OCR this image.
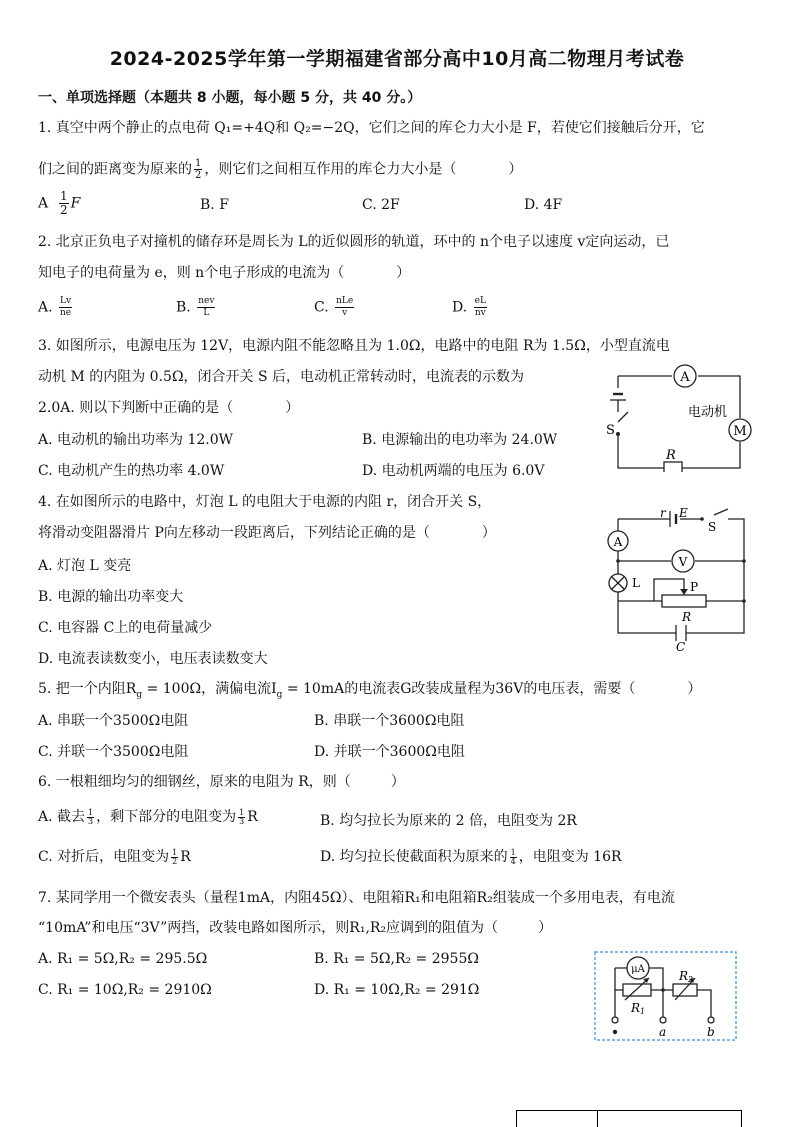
2024-2025学年第一学期福建省部分高中10月高二物理月考试卷
一、单项选择题（本题共 8 小题，每小题 5 分，共 40 分。）
1. 真空中两个静止的点电荷 Q₁=+4Q和 Q₂=−2Q，它们之间的库仑力大小是 F，若使它们接触后分开，它
们之间的距离变为原来的 $\frac{1}{2}$ ，则它们之间相互作用的库仑力大小是（	）
A $\frac{1}{2}$ F	B. F	C. 2F	D. 4F
2. 北京正负电子对撞机的储存环是周长为 L的近似圆形的轨道，环中的 n个电子以速度 v定向运动，已
知电子的电荷量为 e，则 n个电子形成的电流为（	）
A. $\frac{Lv}{ne}$	B. $\frac{\text{nev}}{L}$	C. $\frac{\text{nLe}}{v}$	D. $\frac{eL}{nv}$
3. 如图所示，电源电压为 12V，电源内阻不能忽略且为 1.0Ω，电路中的电阻 R为 1.5Ω，小型直流电
动机 M 的内阻为 0.5Ω，闭合开关 S 后，电动机正常转动时，电流表的示数为
2.0A. 则以下判断中正确的是（	）
A. 电动机的输出功率为 12.0W	B. 电源输出的电功率为 24.0W
C. 电动机产生的热功率 4.0W	D. 电动机两端的电压为 6.0V
A
M
电动机
S
R
4. 在如图所示的电路中，灯泡 L 的电阻大于电源的内阻 r，闭合开关 S，
将滑动变阻器滑片 P向左移动一段距离后，下列结论正确的是（	）
A. 灯泡 L 变亮
B. 电源的输出功率变大
C. 电容器 C上的电荷量减少
D. 电流表读数变小，电压表读数变大
r E
S
A
V
L	P
R
C
5. 把一个内阻$R_g = 100\Omega$，满偏电流$I_g = 10mA$的电流表G改装成量程为36V的电压表，需要（	）
A. 串联一个3500Ω电阻	B. 串联一个3600Ω电阻
C. 并联一个3500Ω电阻	D. 并联一个3600Ω电阻
6. 一根粗细均匀的细钢丝，原来的电阻为 R，则（	）
A. 截去 $\frac{1}{3}$ ，剩下部分的电阻变为 $\frac{1}{3}$ R	B. 均匀拉长为原来的 2 倍，电阻变为 2R
C. 对折后，电阻变为 $\frac{1}{2}$ R	D. 均匀拉长使截面积为原来的 $\frac{1}{4}$ ，电阻变为 16R
7. 某同学用一个微安表头（量程1mA，内阻45Ω）、电阻箱R₁和电阻箱R₂组装成一个多用电表，有电流
“10mA”和电压“3V”两挡，改装电路如图所示，则R₁,R₂应调到的阻值为（	）
A. R₁ = 5Ω,R₂ = 295.5Ω	B. R₁ = 5Ω,R₂ = 2955Ω
C. R₁ = 10Ω,R₂ = 2910Ω	D. R₁ = 10Ω,R₂ = 291Ω
μA
R1
R2
a	b
